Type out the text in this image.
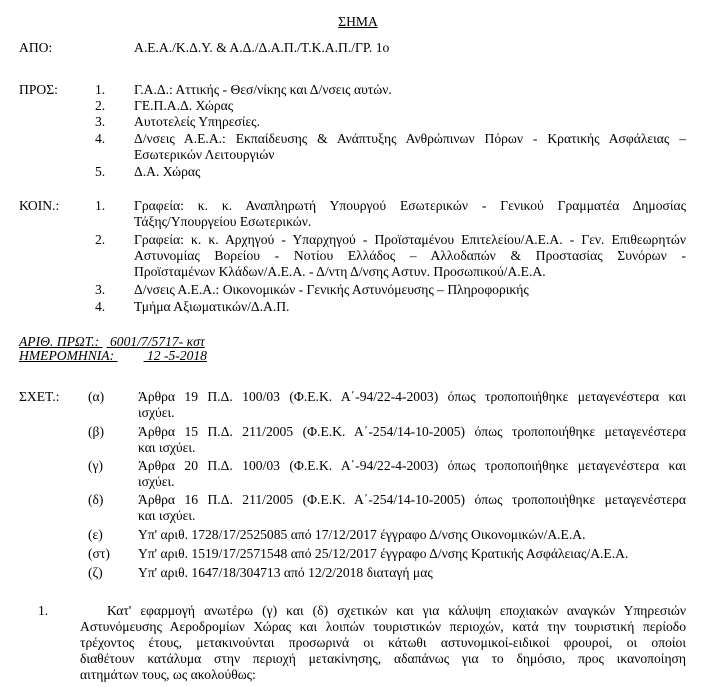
ΣΗΜΑ
ΑΠΟ:	Α.Ε.Α./Κ.Δ.Υ. & Α.Δ./Δ.Α.Π./Τ.Κ.Α.Π./ΓΡ. 1ο
ΠΡΟΣ:	1. Γ.Α.Δ.: Αττικής - Θεσ/νίκης και Δ/νσεις αυτών.
2. ΓΕ.Π.Α.Δ. Χώρας
3. Αυτοτελείς Υπηρεσίες.
4. Δ/νσεις Α.Ε.Α.: Εκπαίδευσης & Ανάπτυξης Ανθρώπινων Πόρων - Κρατικής Ασφάλειας –
Εσωτερικών Λειτουργιών
5. Δ.Α. Χώρας
ΚΟΙΝ.:	1. Γραφεία: κ. κ. Αναπληρωτή Υπουργού Εσωτερικών - Γενικού Γραμματέα Δημοσίας
Τάξης/Υπουργείου Εσωτερικών.
2. Γραφεία: κ. κ. Αρχηγού - Υπαρχηγού - Προϊσταμένου Επιτελείου/Α.Ε.Α. - Γεν. Επιθεωρητών
Αστυνομίας Βορείου - Νοτίου Ελλάδος – Αλλοδαπών & Προστασίας Συνόρων -
Προϊσταμένων Κλάδων/Α.Ε.Α. - Δ/ντη Δ/νσης Αστυν. Προσωπικού/Α.Ε.Α.
3. Δ/νσεις Α.Ε.Α.: Οικονομικών - Γενικής Αστυνόμευσης – Πληροφορικής
4. Τμήμα Αξιωματικών/Δ.Α.Π.
ΑΡΙΘ. ΠΡΩΤ.: 6001/7/5717- κστ
ΗΜΕΡΟΜΗΝΙΑ: 12 -5-2018
ΣΧΕΤ.: (α) Άρθρα 19 Π.Δ. 100/03 (Φ.Ε.Κ. Α΄-94/22-4-2003) όπως τροποποιήθηκε μεταγενέστερα και
ισχύει.
(β)	Άρθρα 15 Π.Δ. 211/2005 (Φ.Ε.Κ. Α΄-254/14-10-2005) όπως τροποποιήθηκε μεταγενέστερα
και ισχύει.
(γ)	Άρθρα 20 Π.Δ. 100/03 (Φ.Ε.Κ. Α΄-94/22-4-2003) όπως τροποποιήθηκε μεταγενέστερα και
ισχύει.
(δ)	Άρθρα 16 Π.Δ. 211/2005 (Φ.Ε.Κ. Α΄-254/14-10-2005) όπως τροποποιήθηκε μεταγενέστερα
και ισχύει.
(ε)	Υπ' αριθ. 1728/17/2525085 από 17/12/2017 έγγραφο Δ/νσης Οικονομικών/Α.Ε.Α.
(στ) Υπ' αριθ. 1519/17/2571548 από 25/12/2017 έγγραφο Δ/νσης Κρατικής Ασφάλειας/Α.Ε.Α.
(ζ)	Υπ' αριθ. 1647/18/304713 από 12/2/2018 διαταγή μας
1.	Κατ' εφαρμογή ανωτέρω (γ) και (δ) σχετικών και για κάλυψη εποχιακών αναγκών Υπηρεσιών
Αστυνόμευσης Αεροδρομίων Χώρας και λοιπών τουριστικών περιοχών, κατά την τουριστική περίοδο
τρέχοντος έτους, μετακινούνται προσωρινά οι κάτωθι αστυνομικοί-ειδικοί φρουροί, οι οποίοι
διαθέτουν κατάλυμα στην περιοχή μετακίνησης, αδαπάνως για το δημόσιο, προς ικανοποίηση
αιτημάτων τους, ως ακολούθως:
